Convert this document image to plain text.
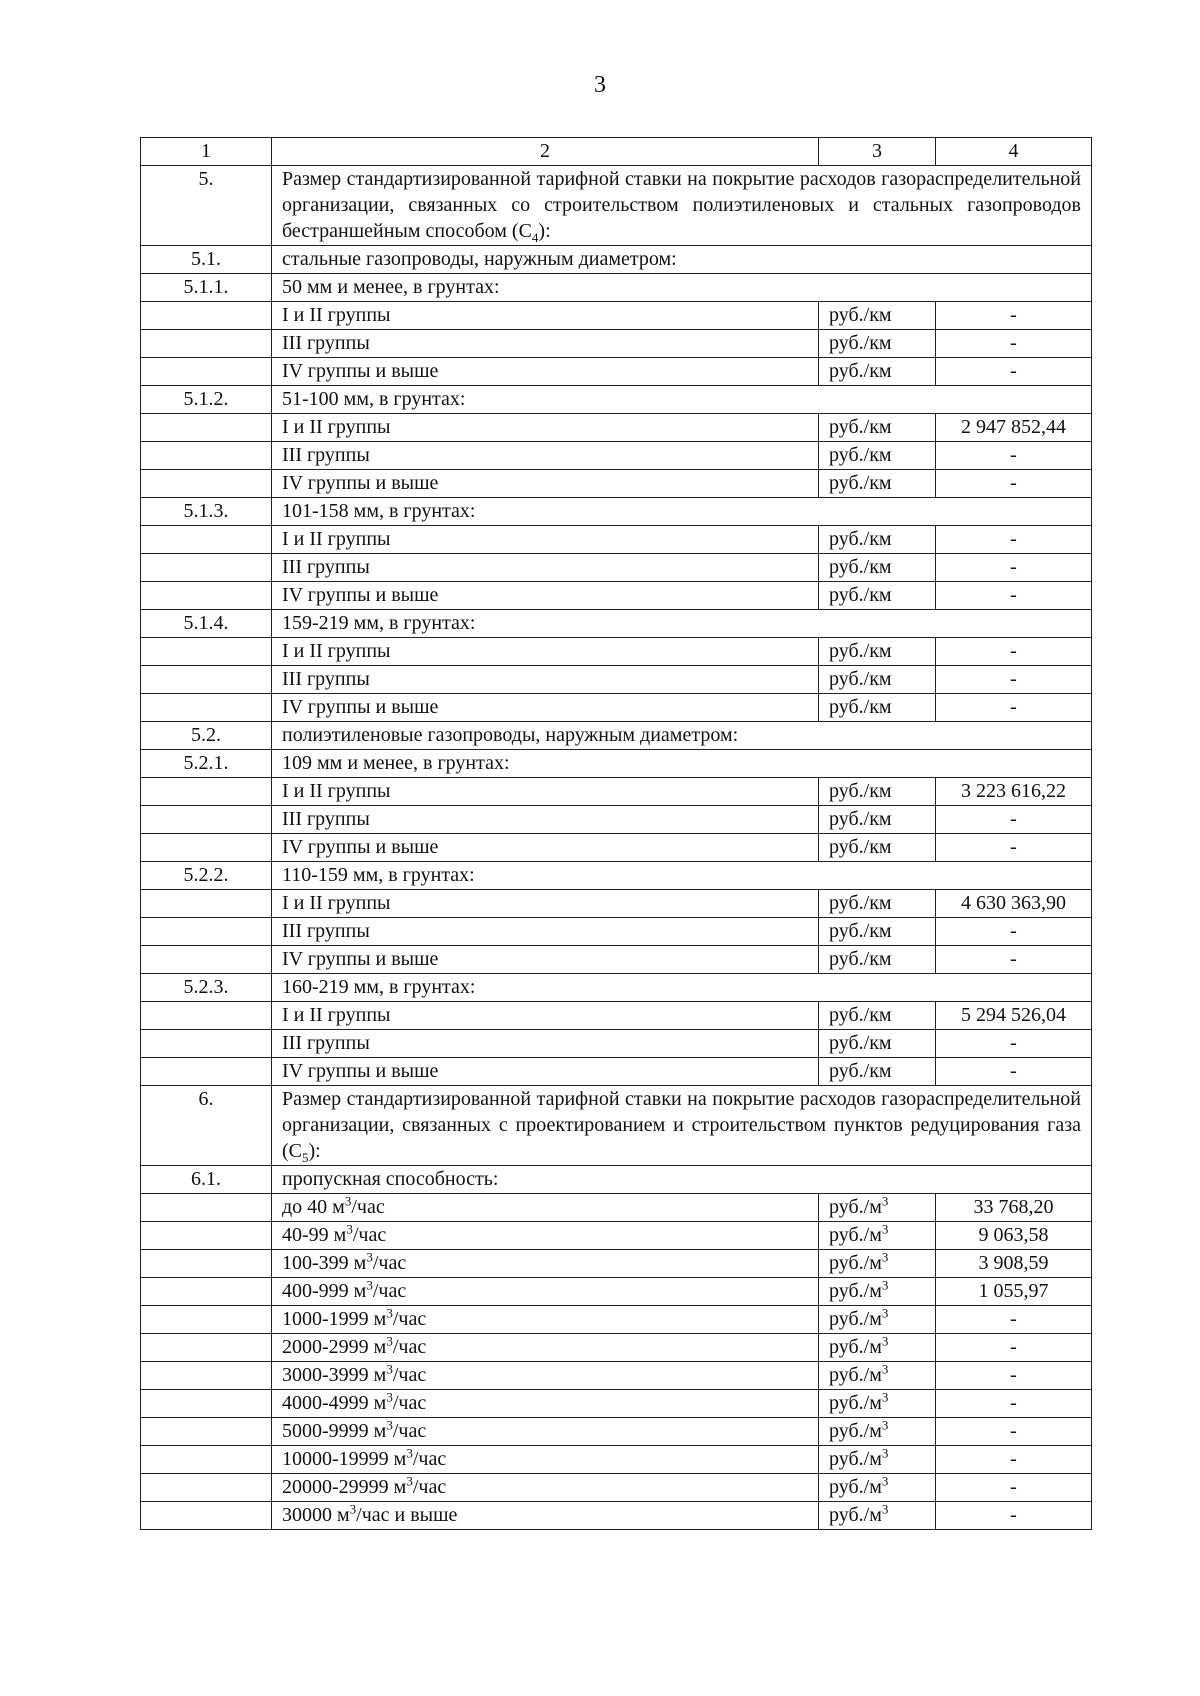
3
1	2	3	4
5.	Размер стандартизированной тарифной ставки на покрытие расходов газораспределительной организации, связанных со строительством полиэтиленовых и стальных газопроводов бестраншейным способом $(С_4)$:		
5.1.	стальные газопроводы, наружным диаметром:		
5.1.1.	50 мм и менее, в грунтах:		
	I и II группы	руб./км	-
	III группы	руб./км	-
	IV группы и выше	руб./км	-
5.1.2.	51-100 мм, в грунтах:		
	I и II группы	руб./км	2 947 852,44
	III группы	руб./км	-
	IV группы и выше	руб./км	-
5.1.3.	101-158 мм, в грунтах:		
	I и II группы	руб./км	-
	III группы	руб./км	-
	IV группы и выше	руб./км	-
5.1.4.	159-219 мм, в грунтах:		
	I и II группы	руб./км	-
	III группы	руб./км	-
	IV группы и выше	руб./км	-
5.2.	полиэтиленовые газопроводы, наружным диаметром:		
5.2.1.	109 мм и менее, в грунтах:		
	I и II группы	руб./км	3 223 616,22
	III группы	руб./км	-
	IV группы и выше	руб./км	-
5.2.2.	110-159 мм, в грунтах:		
	I и II группы	руб./км	4 630 363,90
	III группы	руб./км	-
	IV группы и выше	руб./км	-
5.2.3.	160-219 мм, в грунтах:		
	I и II группы	руб./км	5 294 526,04
	III группы	руб./км	-
	IV группы и выше	руб./км	-
6.	Размер стандартизированной тарифной ставки на покрытие расходов газораспределительной организации, связанных с проектированием и строительством пунктов редуцирования газа $(С_5)$:		
6.1.	пропускная способность:		
	до 40 $м^3$/час	$руб./м^3$	33 768,20
	40-99 $м^3$/час	$руб./м^3$	9 063,58
	100-399 $м^3$/час	$руб./м^3$	3 908,59
	400-999 $м^3$/час	$руб./м^3$	1 055,97
	1000-1999 $м^3$/час	$руб./м^3$	-
	2000-2999 $м^3$/час	$руб./м^3$	-
	3000-3999 $м^3$/час	$руб./м^3$	-
	4000-4999 $м^3$/час	$руб./м^3$	-
	5000-9999 $м^3$/час	$руб./м^3$	-
	10000-19999 $м^3$/час	$руб./м^3$	-
	20000-29999 $м^3$/час	$руб./м^3$	-
	30000 $м^3$/час и выше	$руб./м^3$	-
